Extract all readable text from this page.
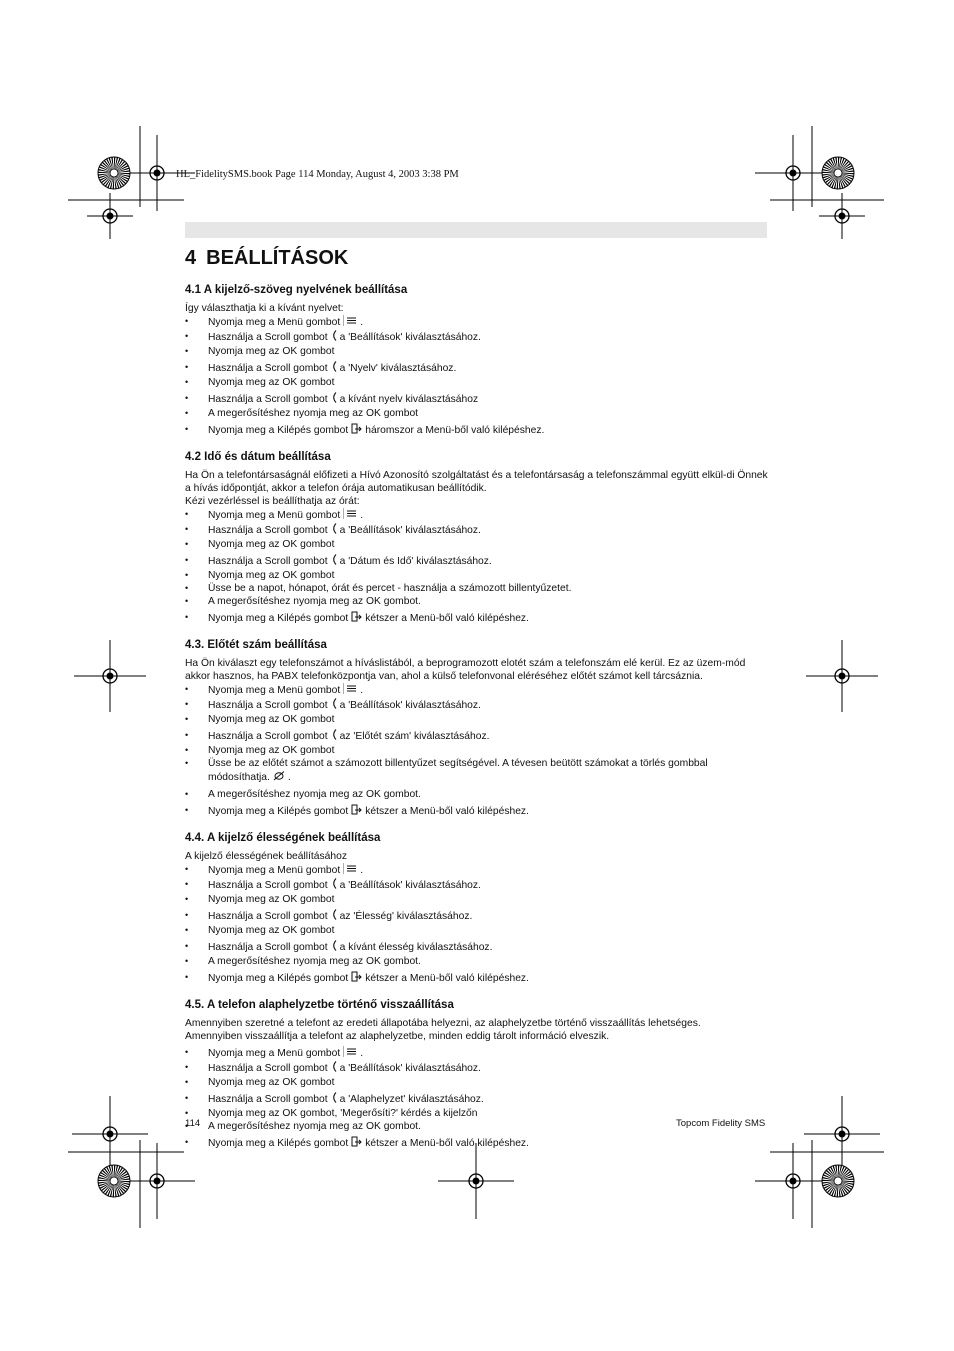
HL_FidelitySMS.book Page 114 Monday, August 4, 2003 3:38 PM
4 BEÁLLÍTÁSOK
4.1 A kijelző-szöveg nyelvének beállítása

Így választhatja ki a kívánt nyelvet:

• Nyomja meg a Menü gombot .
• Használja a Scroll gombot a 'Beállítások' kiválasztásához.
• Nyomja meg az OK gombot
• Használja a Scroll gombot a 'Nyelv' kiválasztásához.
• Nyomja meg az OK gombot
• Használja a Scroll gombot a kívánt nyelv kiválasztásához
• A megerősítéshez nyomja meg az OK gombot
• Nyomja meg a Kilépés gombot háromszor a Menü-ből való kilépéshez.
4.2 Idő és dátum beállítása

Ha Ön a telefontársaságnál előfizeti a Hívó Azonosító szolgáltatást és a telefontársaság a telefonszámmal együtt elkül-di Önnek a hívás időpontját, akkor a telefon órája automatikusan beállítódik.

Kézi vezérléssel is beállíthatja az órát:

• Nyomja meg a Menü gombot .
• Használja a Scroll gombot a 'Beállítások' kiválasztásához.
• Nyomja meg az OK gombot
• Használja a Scroll gombot a 'Dátum és Idő' kiválasztásához.
• Nyomja meg az OK gombot
• Üsse be a napot, hónapot, órát és percet - használja a számozott billentyűzetet.
• A megerősítéshez nyomja meg az OK gombot.
• Nyomja meg a Kilépés gombot kétszer a Menü-ből való kilépéshez.
4.3. Előtét szám beállítása

Ha Ön kiválaszt egy telefonszámot a híváslistából, a beprogramozott elotét szám a telefonszám elé kerül. Ez az üzem-mód akkor hasznos, ha PABX telefonközpontja van, ahol a külső telefonvonal eléréséhez előtét számot kell tárcsáznia.

• Nyomja meg a Menü gombot .
• Használja a Scroll gombot a 'Beállítások' kiválasztásához.
• Nyomja meg az OK gombot
• Használja a Scroll gombot az 'Előtét szám' kiválasztásához.
• Nyomja meg az OK gombot
• Üsse be az előtét számot a számozott billentyűzet segítségével. A tévesen beütött számokat a törlés gombbal módosíthatja. .
• A megerősítéshez nyomja meg az OK gombot.
• Nyomja meg a Kilépés gombot kétszer a Menü-ből való kilépéshez.
4.4. A kijelző élességének beállítása

A kijelző élességének beállításához

• Nyomja meg a Menü gombot .
• Használja a Scroll gombot a 'Beállítások' kiválasztásához.
• Nyomja meg az OK gombot
• Használja a Scroll gombot az 'Élesség' kiválasztásához.
• Nyomja meg az OK gombot
• Használja a Scroll gombot a kívánt élesség kiválasztásához.
• A megerősítéshez nyomja meg az OK gombot.
• Nyomja meg a Kilépés gombot kétszer a Menü-ből való kilépéshez.
4.5. A telefon alaphelyzetbe történő visszaállítása

Amennyiben szeretné a telefont az eredeti állapotába helyezni, az alaphelyzetbe történő visszaállítás lehetséges.

Amennyiben visszaállítja a telefont az alaphelyzetbe, minden eddig tárolt információ elveszik.

• Nyomja meg a Menü gombot .
• Használja a Scroll gombot a 'Beállítások' kiválasztásához.
• Nyomja meg az OK gombot
• Használja a Scroll gombot a 'Alaphelyzet' kiválasztásához.
• Nyomja meg az OK gombot, 'Megerősíti?' kérdés a kijelzőn
• A megerősítéshez nyomja meg az OK gombot.
• Nyomja meg a Kilépés gombot kétszer a Menü-ből való kilépéshez.
114	Topcom Fidelity SMS
